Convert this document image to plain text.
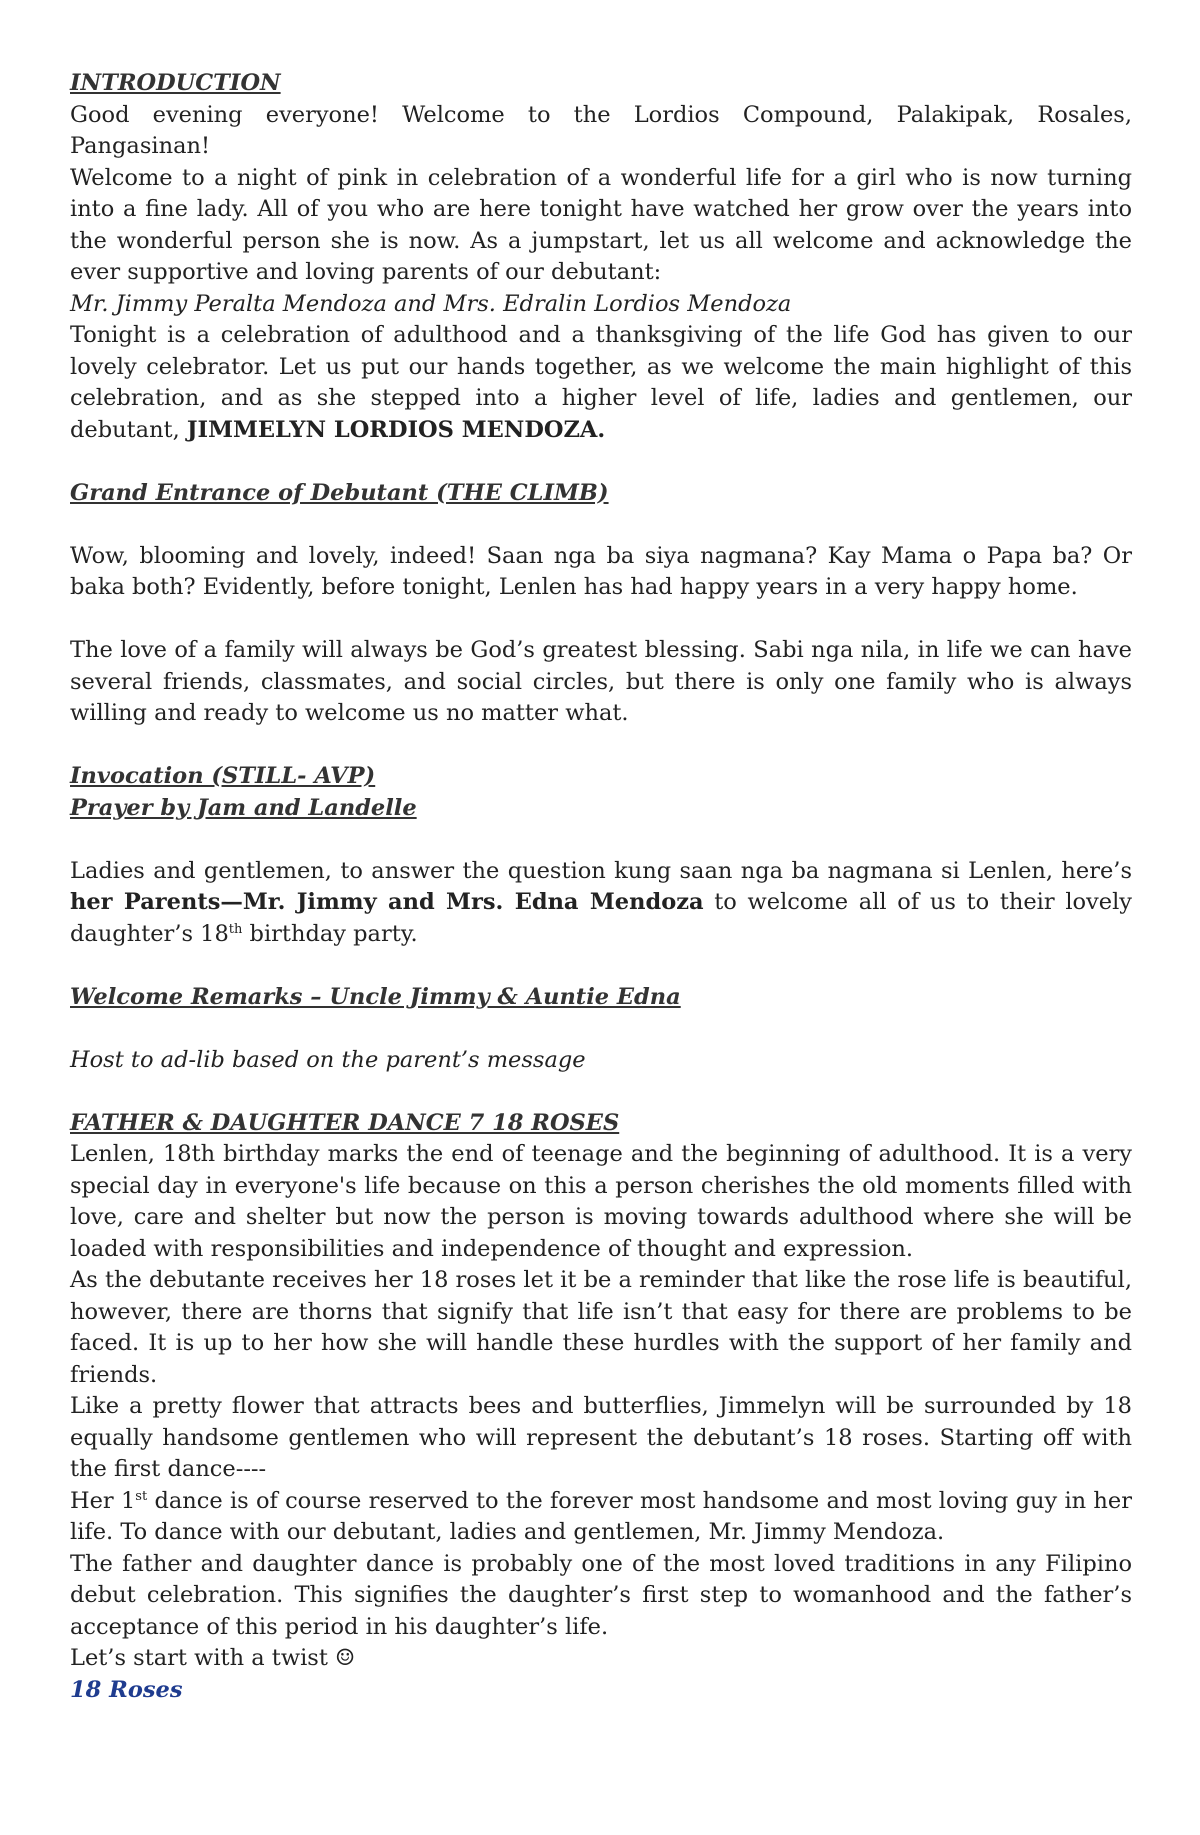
INTRODUCTION

Good evening everyone! Welcome to the Lordios Compound, Palakipak, Rosales, Pangasinan!

Welcome to a night of pink in celebration of a wonderful life for a girl who is now turning into a fine lady. All of you who are here tonight have watched her grow over the years into the wonderful person she is now. As a jumpstart, let us all welcome and acknowledge the ever supportive and loving parents of our debutant:

Mr. Jimmy Peralta Mendoza and Mrs. Edralin Lordios Mendoza

Tonight is a celebration of adulthood and a thanksgiving of the life God has given to our lovely celebrator. Let us put our hands together, as we welcome the main highlight of this celebration, and as she stepped into a higher level of life, ladies and gentlemen, our debutant, JIMMELYN LORDIOS MENDOZA.

Grand Entrance of Debutant (THE CLIMB)

Wow, blooming and lovely, indeed! Saan nga ba siya nagmana? Kay Mama o Papa ba? Or baka both? Evidently, before tonight, Lenlen has had happy years in a very happy home.

The love of a family will always be God’s greatest blessing. Sabi nga nila, in life we can have several friends, classmates, and social circles, but there is only one family who is always willing and ready to welcome us no matter what.

Invocation (STILL- AVP)

Prayer by Jam and Landelle

Ladies and gentlemen, to answer the question kung saan nga ba nagmana si Lenlen, here’s her Parents—Mr. Jimmy and Mrs. Edna Mendoza to welcome all of us to their lovely daughter’s 18th birthday party.

Welcome Remarks – Uncle Jimmy & Auntie Edna

Host to ad-lib based on the parent’s message

FATHER & DAUGHTER DANCE 7 18 ROSES

Lenlen, 18th birthday marks the end of teenage and the beginning of adulthood. It is a very special day in everyone's life because on this a person cherishes the old moments filled with love, care and shelter but now the person is moving towards adulthood where she will be loaded with responsibilities and independence of thought and expression.

As the debutante receives her 18 roses let it be a reminder that like the rose life is beautiful, however, there are thorns that signify that life isn’t that easy for there are problems to be faced. It is up to her how she will handle these hurdles with the support of her family and friends.

Like a pretty flower that attracts bees and butterflies, Jimmelyn will be surrounded by 18 equally handsome gentlemen who will represent the debutant’s 18 roses. Starting off with the first dance----

Her 1st dance is of course reserved to the forever most handsome and most loving guy in her life. To dance with our debutant, ladies and gentlemen, Mr. Jimmy Mendoza.

The father and daughter dance is probably one of the most loved traditions in any Filipino debut celebration. This signifies the daughter’s first step to womanhood and the father’s acceptance of this period in his daughter’s life.

Let’s start with a twist ☺

18 Roses
